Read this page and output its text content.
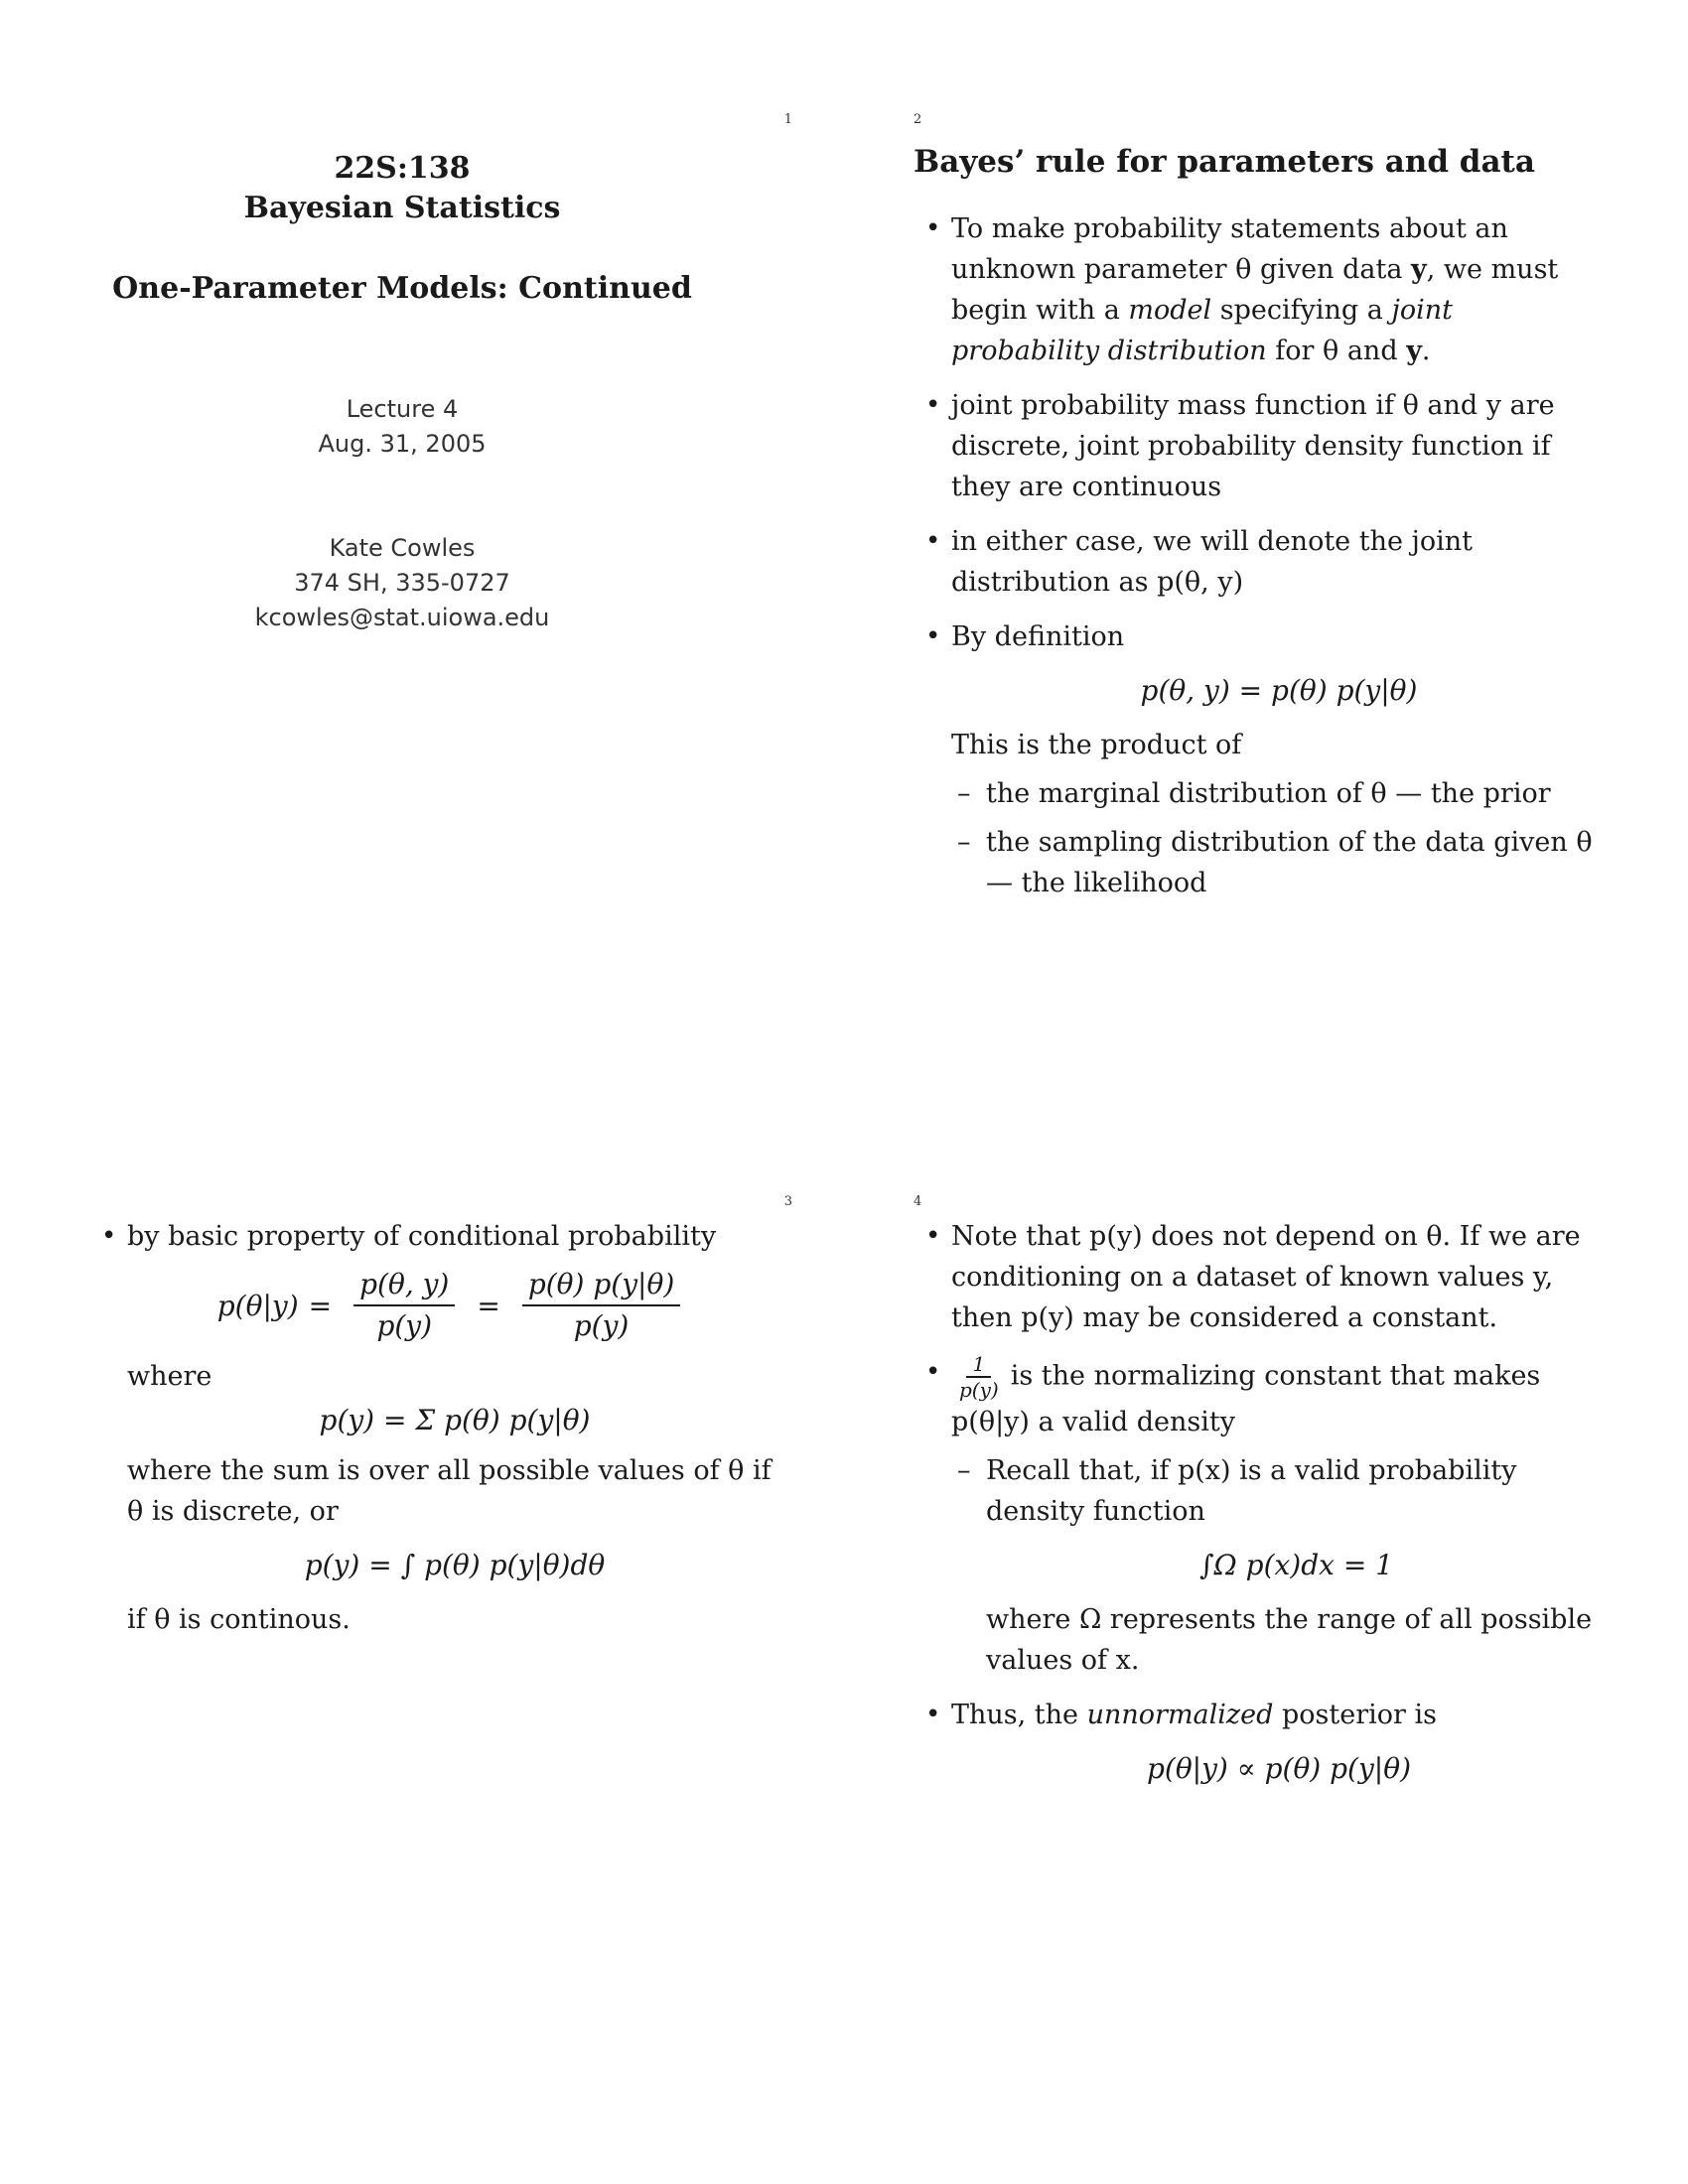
1
22S:138
Bayesian Statistics
One-Parameter Models: Continued
Lecture 4
Aug. 31, 2005
Kate Cowles
374 SH, 335-0727
kcowles@stat.uiowa.edu
2
Bayes’ rule for parameters and data
• To make probability statements about an unknown parameter θ given data y, we must begin with a model specifying a joint probability distribution for θ and y.
• joint probability mass function if θ and y are discrete, joint probability density function if they are continuous
• in either case, we will denote the joint distribution as p(θ, y)
• By definition
p(θ, y) = p(θ) p(y|θ)
This is the product of
– the marginal distribution of θ — the prior
– the sampling distribution of the data given θ — the likelihood
3
• by basic property of conditional probability
$p(\theta|y) = \frac{p(\theta, y)}{p(y)} = \frac{p(\theta) p(y|\theta)}{p(y)}$
where
p(y) = Σ p(θ) p(y|θ)
where the sum is over all possible values of θ if θ is discrete, or
p(y) = ∫ p(θ) p(y|θ)dθ
if θ is continous.
4
• Note that p(y) does not depend on θ. If we are conditioning on a dataset of known values y, then p(y) may be considered a constant.
• $\frac{1}{p(y)}$ is the normalizing constant that makes p(θ|y) a valid density
– Recall that, if p(x) is a valid probability density function
∫Ω p(x)dx = 1
where Ω represents the range of all possible values of x.
• Thus, the unnormalized posterior is
p(θ|y) ∝ p(θ) p(y|θ)
